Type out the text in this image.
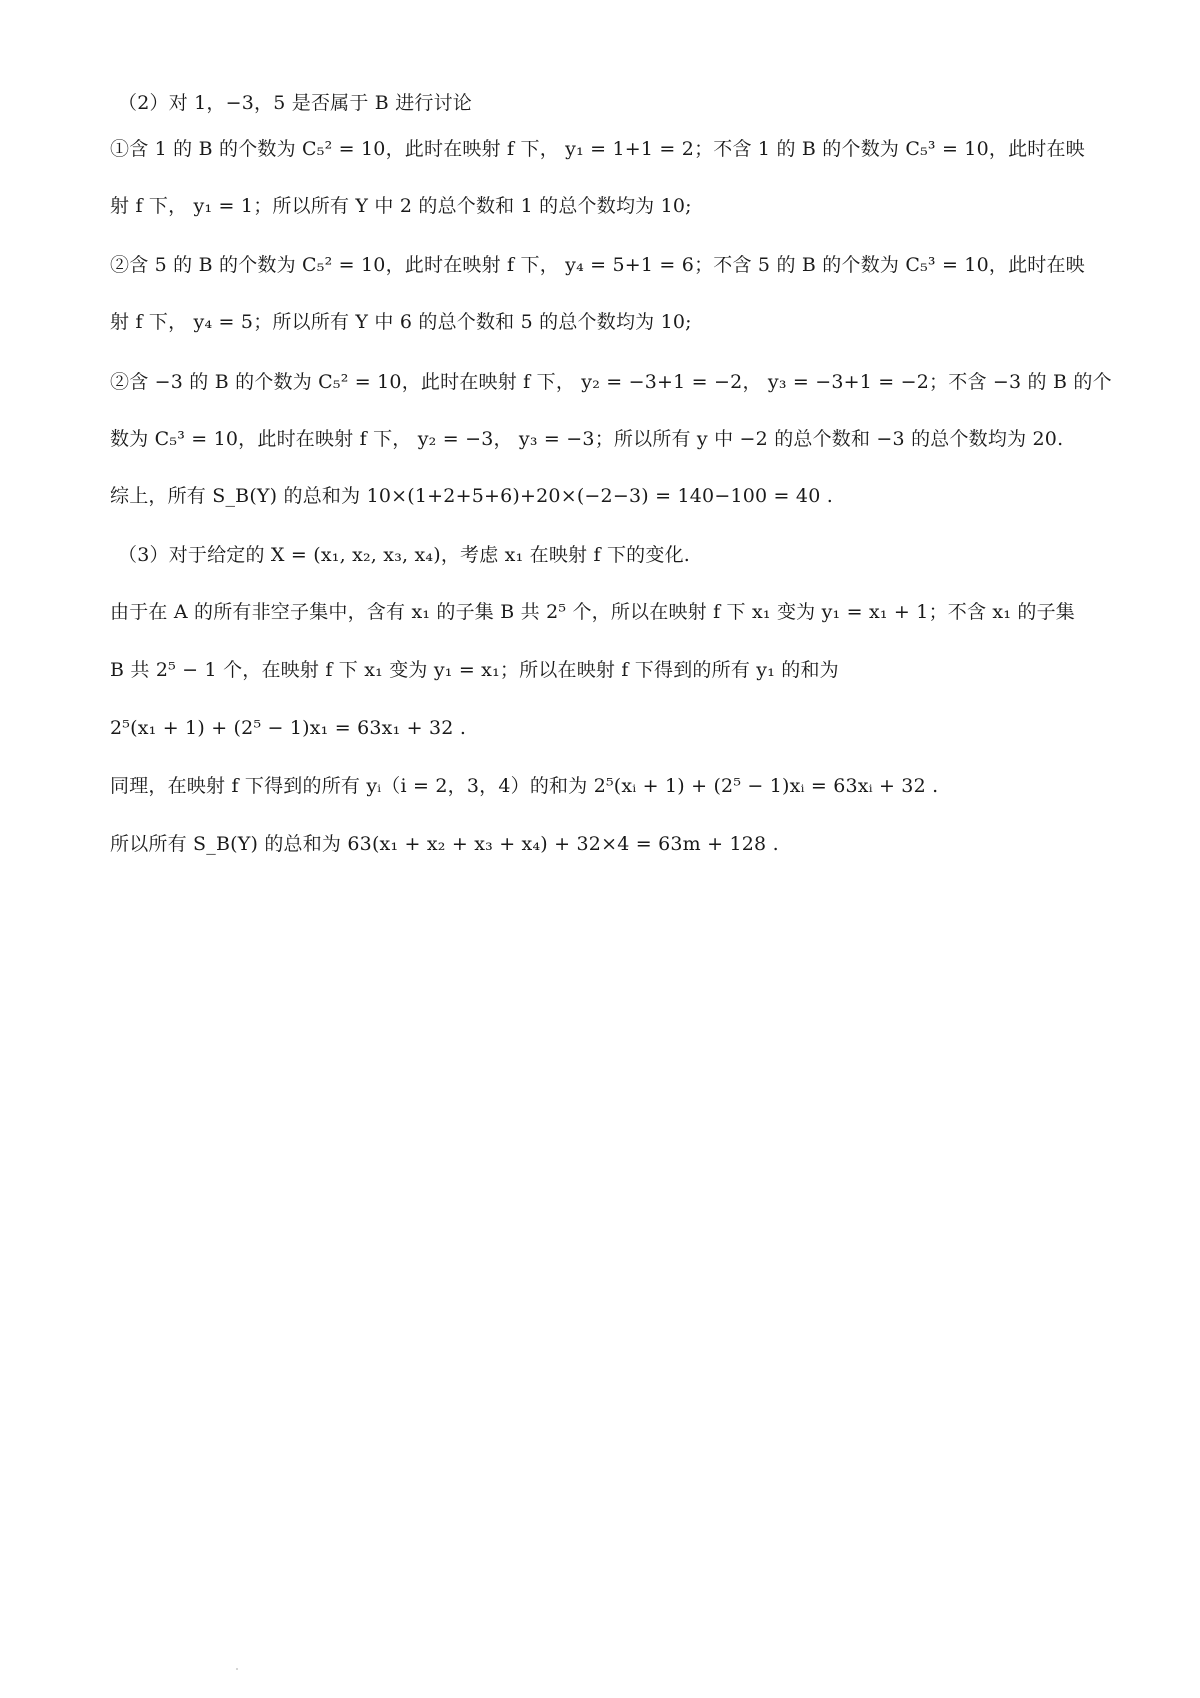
（2）对 1，−3，5 是否属于 B 进行讨论
①含 1 的 B 的个数为 C₅² = 10，此时在映射 f 下， y₁ = 1+1 = 2；不含 1 的 B 的个数为 C₅³ = 10，此时在映
射 f 下， y₁ = 1；所以所有 Y 中 2 的总个数和 1 的总个数均为 10;
②含 5 的 B 的个数为 C₅² = 10，此时在映射 f 下， y₄ = 5+1 = 6；不含 5 的 B 的个数为 C₅³ = 10，此时在映
射 f 下， y₄ = 5；所以所有 Y 中 6 的总个数和 5 的总个数均为 10;
②含 −3 的 B 的个数为 C₅² = 10，此时在映射 f 下， y₂ = −3+1 = −2， y₃ = −3+1 = −2；不含 −3 的 B 的个
数为 C₅³ = 10，此时在映射 f 下， y₂ = −3， y₃ = −3；所以所有 y 中 −2 的总个数和 −3 的总个数均为 20.
综上，所有 S_B(Y) 的总和为 10×(1+2+5+6)+20×(−2−3) = 140−100 = 40 .
（3）对于给定的 X = (x₁, x₂, x₃, x₄)，考虑 x₁ 在映射 f 下的变化.
由于在 A 的所有非空子集中，含有 x₁ 的子集 B 共 2⁵ 个，所以在映射 f 下 x₁ 变为 y₁ = x₁ + 1；不含 x₁ 的子集
B 共 2⁵ − 1 个，在映射 f 下 x₁ 变为 y₁ = x₁；所以在映射 f 下得到的所有 y₁ 的和为
2⁵(x₁ + 1) + (2⁵ − 1)x₁ = 63x₁ + 32 .
同理，在映射 f 下得到的所有 yᵢ（i = 2，3，4）的和为 2⁵(xᵢ + 1) + (2⁵ − 1)xᵢ = 63xᵢ + 32 .
所以所有 S_B(Y) 的总和为 63(x₁ + x₂ + x₃ + x₄) + 32×4 = 63m + 128 .
